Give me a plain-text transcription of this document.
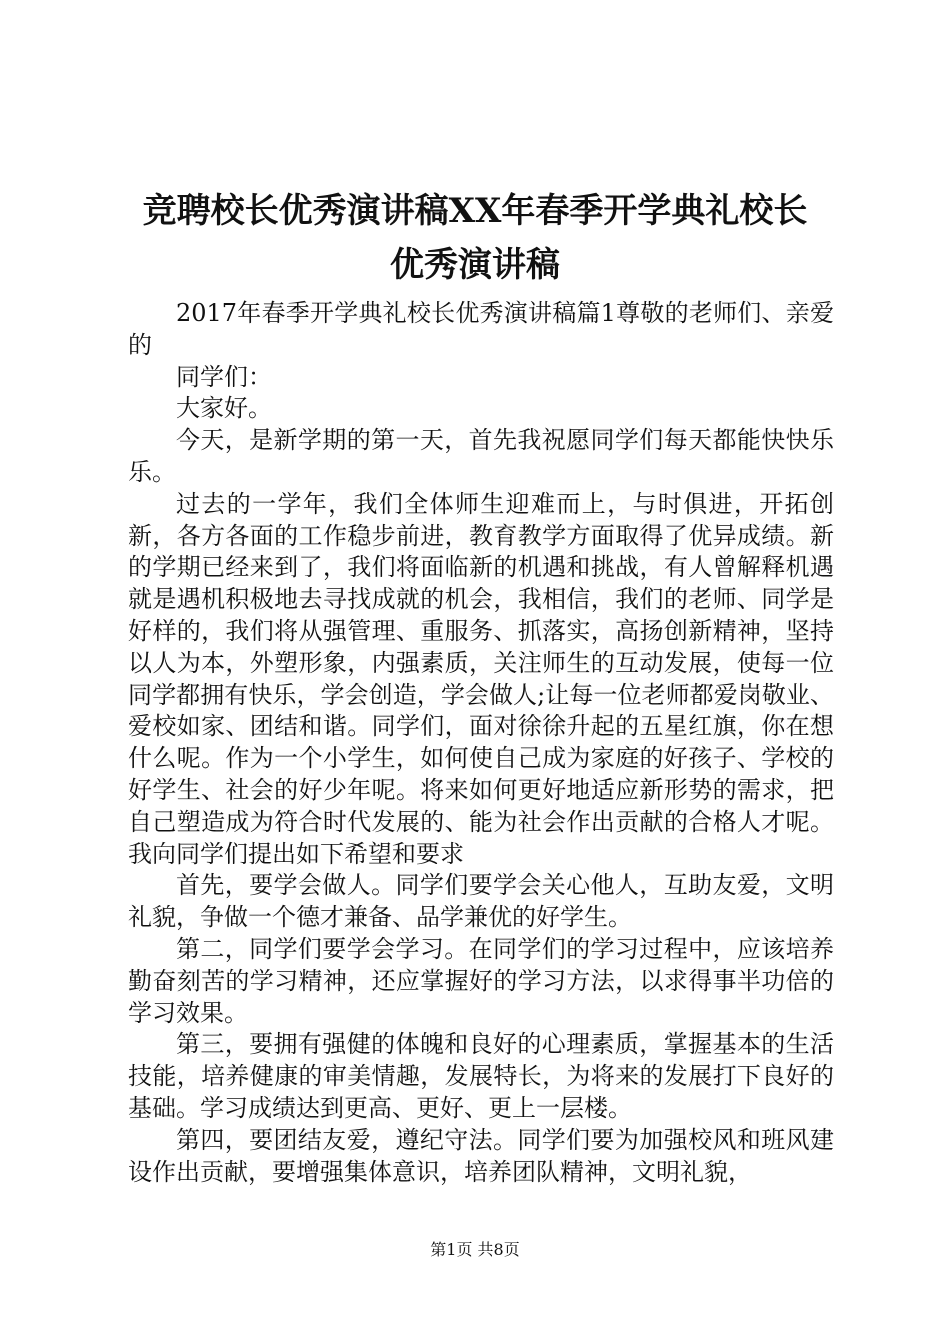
竞聘校长优秀演讲稿XX年春季开学典礼校长
优秀演讲稿

2017年春季开学典礼校长优秀演讲稿篇1尊敬的老师们、亲爱的

同学们：

大家好。

今天，是新学期的第一天，首先我祝愿同学们每天都能快快乐乐。

过去的一学年，我们全体师生迎难而上，与时俱进，开拓创新，各方各面的工作稳步前进，教育教学方面取得了优异成绩。新的学期已经来到了，我们将面临新的机遇和挑战，有人曾解释机遇就是遇机积极地去寻找成就的机会，我相信，我们的老师、同学是好样的，我们将从强管理、重服务、抓落实，高扬创新精神，坚持以人为本，外塑形象，内强素质，关注师生的互动发展，使每一位同学都拥有快乐，学会创造，学会做人;让每一位老师都爱岗敬业、爱校如家、团结和谐。同学们，面对徐徐升起的五星红旗，你在想什么呢。作为一个小学生，如何使自己成为家庭的好孩子、学校的好学生、社会的好少年呢。将来如何更好地适应新形势的需求，把自己塑造成为符合时代发展的、能为社会作出贡献的合格人才呢。我向同学们提出如下希望和要求

首先，要学会做人。同学们要学会关心他人，互助友爱，文明礼貌，争做一个德才兼备、品学兼优的好学生。

第二，同学们要学会学习。在同学们的学习过程中，应该培养勤奋刻苦的学习精神，还应掌握好的学习方法，以求得事半功倍的学习效果。

第三，要拥有强健的体魄和良好的心理素质，掌握基本的生活技能，培养健康的审美情趣，发展特长，为将来的发展打下良好的基础。学习成绩达到更高、更好、更上一层楼。

第四，要团结友爱，遵纪守法。同学们要为加强校风和班风建设作出贡献，要增强集体意识，培养团队精神，文明礼貌，

第1页 共8页
